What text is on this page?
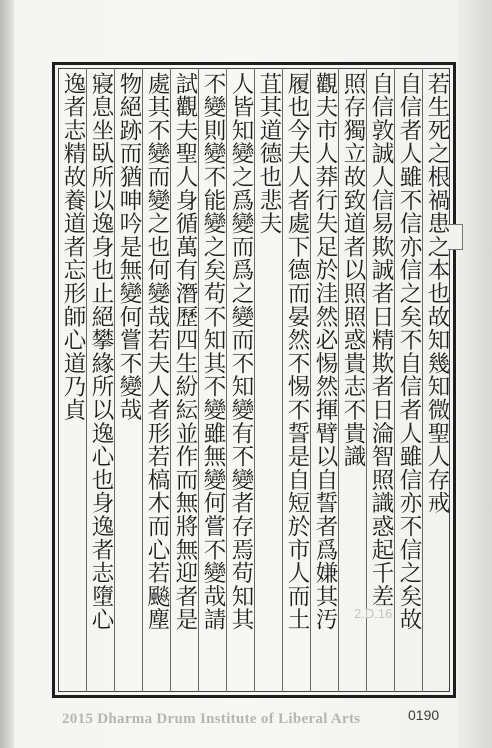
若生死之根禍患之本也故知幾知微聖人存戒
自信者人雖不信亦信之矣不自信者人雖信亦不信之矣故
自信敦誠人信易欺誠者日精欺者日淪智照識惑起千差
照存獨立故致道者以照照惑貴志不貴識
觀夫市人莽行失足於洼然必惕然揮臂以自誓者爲嫌其汚
履也今夫人者處下德而晏然不惕不誓是自短於市人而土
苴其道德也悲夫
人皆知變之爲變而爲之變而不知變有不變者存焉苟知其
不變則變不能變之矣苟不知其不變雖無變何嘗不變哉請
試觀夫聖人身循萬有潛歷四生紛紜並作而無將無迎者是
處其不變而變之也何變哉若夫人者形若槁木而心若飈塵
物絕跡而猶呻吟是無變何嘗不變哉
寢息坐臥所以逸身也止絕攀緣所以逸心也身逸者志墮心
逸者志精故養道者忘形師心道乃貞
2.D.16
2015 Dharma Drum Institute of Liberal Arts	0190
